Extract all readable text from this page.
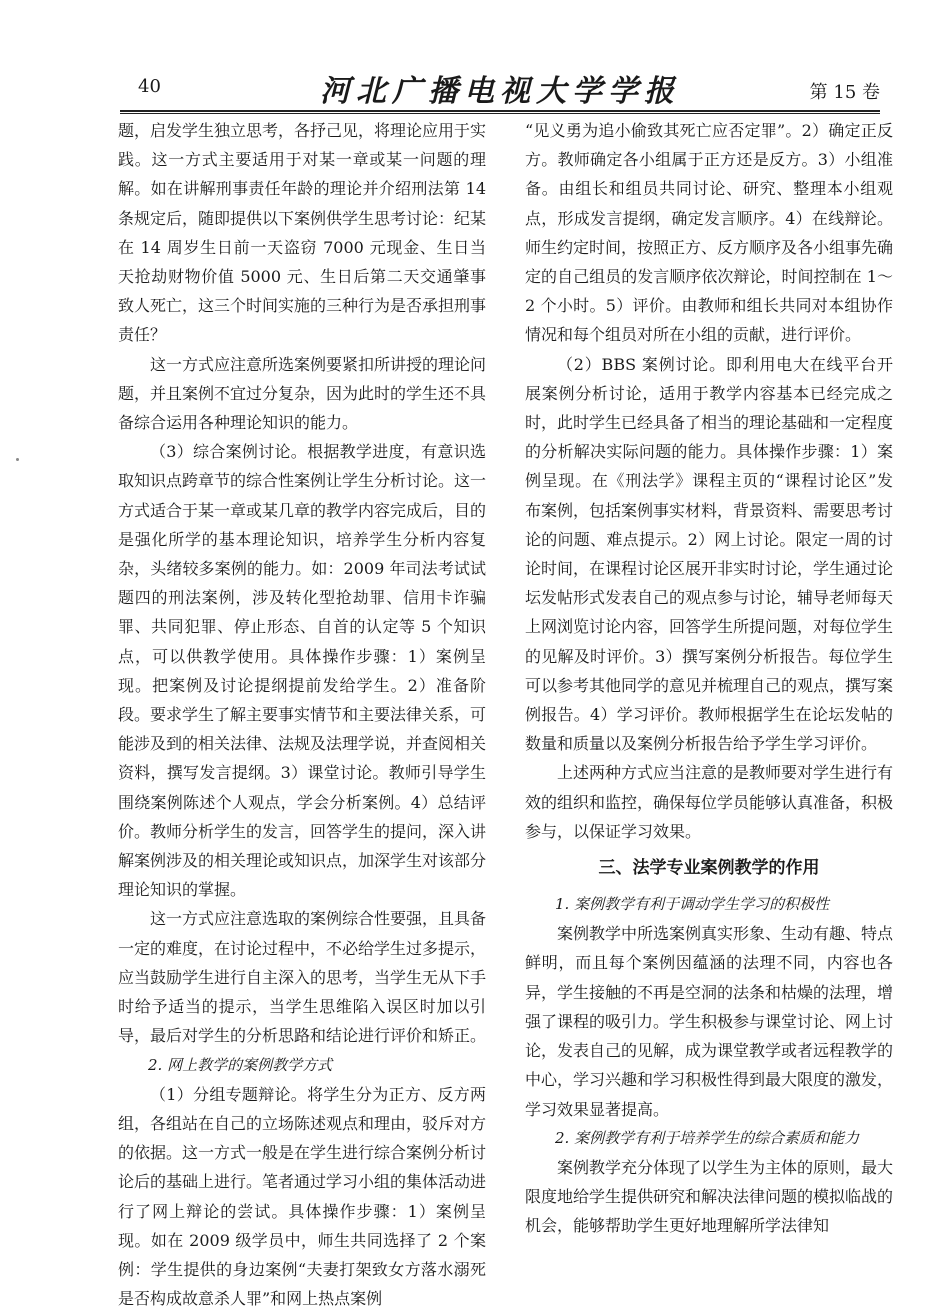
40	河北广播电视大学学报	第 15 卷

题，启发学生独立思考，各抒己见，将理论应用于实践。这一方式主要适用于对某一章或某一问题的理解。如在讲解刑事责任年龄的理论并介绍刑法第 14 条规定后，随即提供以下案例供学生思考讨论：纪某在 14 周岁生日前一天盗窃 7000 元现金、生日当天抢劫财物价值 5000 元、生日后第二天交通肇事致人死亡，这三个时间实施的三种行为是否承担刑事责任？

这一方式应注意所选案例要紧扣所讲授的理论问题，并且案例不宜过分复杂，因为此时的学生还不具备综合运用各种理论知识的能力。

（3）综合案例讨论。根据教学进度，有意识选取知识点跨章节的综合性案例让学生分析讨论。这一方式适合于某一章或某几章的教学内容完成后，目的是强化所学的基本理论知识，培养学生分析内容复杂，头绪较多案例的能力。如：2009 年司法考试试题四的刑法案例，涉及转化型抢劫罪、信用卡诈骗罪、共同犯罪、停止形态、自首的认定等 5 个知识点，可以供教学使用。具体操作步骤：1）案例呈现。把案例及讨论提纲提前发给学生。2）准备阶段。要求学生了解主要事实情节和主要法律关系，可能涉及到的相关法律、法规及法理学说，并查阅相关资料，撰写发言提纲。3）课堂讨论。教师引导学生围绕案例陈述个人观点，学会分析案例。4）总结评价。教师分析学生的发言，回答学生的提问，深入讲解案例涉及的相关理论或知识点，加深学生对该部分理论知识的掌握。

这一方式应注意选取的案例综合性要强，且具备一定的难度，在讨论过程中，不必给学生过多提示，应当鼓励学生进行自主深入的思考，当学生无从下手时给予适当的提示，当学生思维陷入误区时加以引导，最后对学生的分析思路和结论进行评价和矫正。

2. 网上教学的案例教学方式

（1）分组专题辩论。将学生分为正方、反方两组，各组站在自己的立场陈述观点和理由，驳斥对方的依据。这一方式一般是在学生进行综合案例分析讨论后的基础上进行。笔者通过学习小组的集体活动进行了网上辩论的尝试。具体操作步骤：1）案例呈现。如在 2009 级学员中，师生共同选择了 2 个案例：学生提供的身边案例“夫妻打架致女方落水溺死是否构成故意杀人罪”和网上热点案例

“见义勇为追小偷致其死亡应否定罪”。2）确定正反方。教师确定各小组属于正方还是反方。3）小组准备。由组长和组员共同讨论、研究、整理本小组观点，形成发言提纲，确定发言顺序。4）在线辩论。师生约定时间，按照正方、反方顺序及各小组事先确定的自己组员的发言顺序依次辩论，时间控制在 1～2 个小时。5）评价。由教师和组长共同对本组协作情况和每个组员对所在小组的贡献，进行评价。

（2）BBS 案例讨论。即利用电大在线平台开展案例分析讨论，适用于教学内容基本已经完成之时，此时学生已经具备了相当的理论基础和一定程度的分析解决实际问题的能力。具体操作步骤：1）案例呈现。在《刑法学》课程主页的“课程讨论区”发布案例，包括案例事实材料，背景资料、需要思考讨论的问题、难点提示。2）网上讨论。限定一周的讨论时间，在课程讨论区展开非实时讨论，学生通过论坛发帖形式发表自己的观点参与讨论，辅导老师每天上网浏览讨论内容，回答学生所提问题，对每位学生的见解及时评价。3）撰写案例分析报告。每位学生可以参考其他同学的意见并梳理自己的观点，撰写案例报告。4）学习评价。教师根据学生在论坛发帖的数量和质量以及案例分析报告给予学生学习评价。

上述两种方式应当注意的是教师要对学生进行有效的组织和监控，确保每位学员能够认真准备，积极参与，以保证学习效果。

三、法学专业案例教学的作用
1. 案例教学有利于调动学生学习的积极性

案例教学中所选案例真实形象、生动有趣、特点鲜明，而且每个案例因蕴涵的法理不同，内容也各异，学生接触的不再是空洞的法条和枯燥的法理，增强了课程的吸引力。学生积极参与课堂讨论、网上讨论，发表自己的见解，成为课堂教学或者远程教学的中心，学习兴趣和学习积极性得到最大限度的激发，学习效果显著提高。

2. 案例教学有利于培养学生的综合素质和能力

案例教学充分体现了以学生为主体的原则，最大限度地给学生提供研究和解决法律问题的模拟临战的机会，能够帮助学生更好地理解所学法律知
